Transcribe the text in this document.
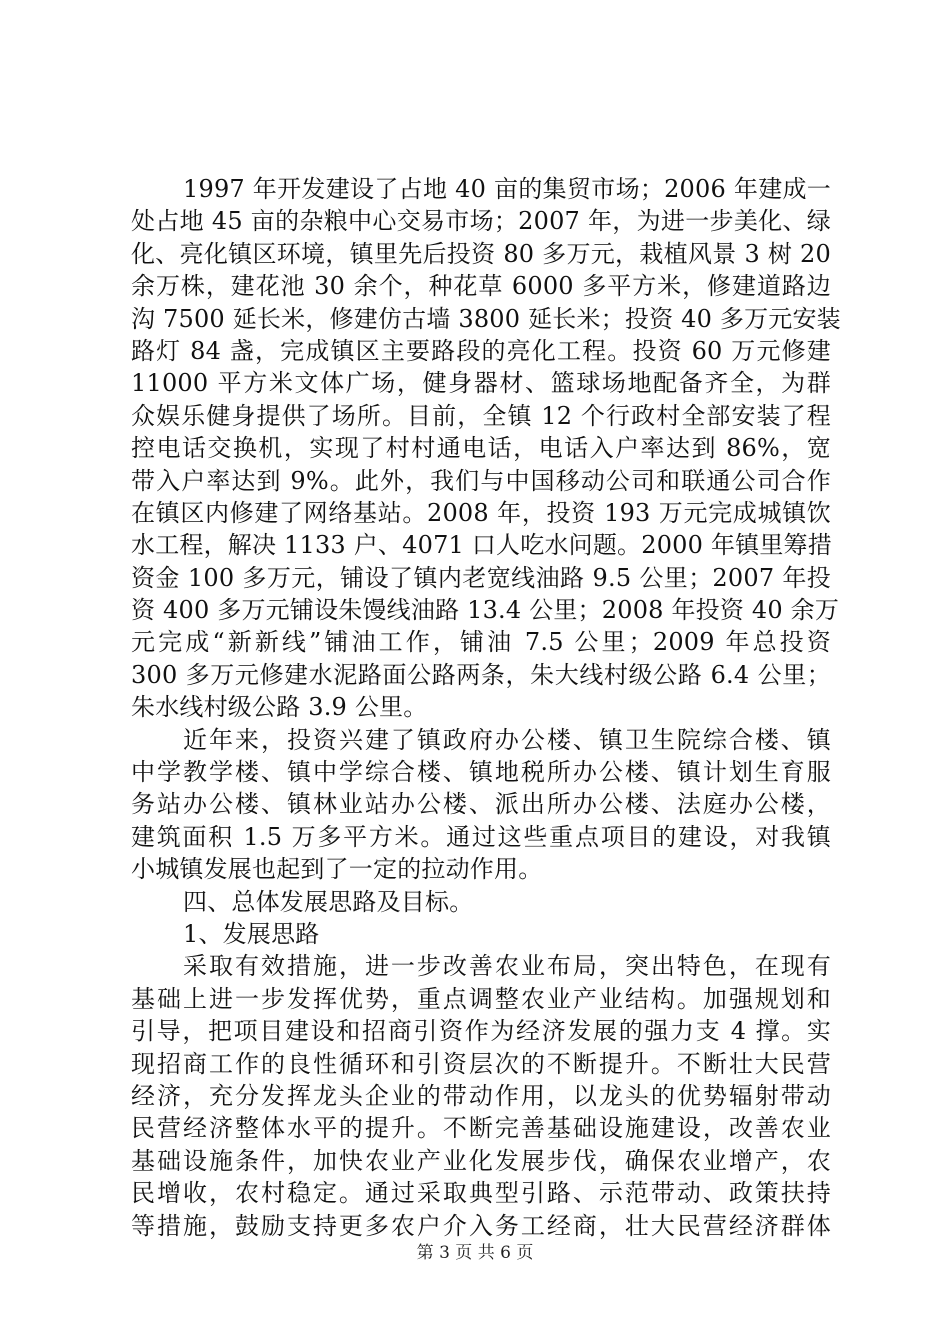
1997 年开发建设了占地 40 亩的集贸市场；2006 年建成一
处占地 45 亩的杂粮中心交易市场；2007 年，为进一步美化、绿
化、亮化镇区环境，镇里先后投资 80 多万元，栽植风景 3 树 20
余万株，建花池 30 余个，种花草 6000 多平方米，修建道路边
沟 7500 延长米，修建仿古墙 3800 延长米；投资 40 多万元安装
路灯 84 盏，完成镇区主要路段的亮化工程。投资 60 万元修建
11000 平方米文体广场，健身器材、篮球场地配备齐全，为群
众娱乐健身提供了场所。目前，全镇 12 个行政村全部安装了程
控电话交换机，实现了村村通电话，电话入户率达到 86%，宽
带入户率达到 9%。此外，我们与中国移动公司和联通公司合作
在镇区内修建了网络基站。2008 年，投资 193 万元完成城镇饮
水工程，解决 1133 户、4071 口人吃水问题。2000 年镇里筹措
资金 100 多万元，铺设了镇内老宽线油路 9.5 公里；2007 年投
资 400 多万元铺设朱馒线油路 13.4 公里；2008 年投资 40 余万
元完成“新新线”铺油工作，铺油 7.5 公里；2009 年总投资
300 多万元修建水泥路面公路两条，朱大线村级公路 6.4 公里；
朱水线村级公路 3.9 公里。
近年来，投资兴建了镇政府办公楼、镇卫生院综合楼、镇
中学教学楼、镇中学综合楼、镇地税所办公楼、镇计划生育服
务站办公楼、镇林业站办公楼、派出所办公楼、法庭办公楼，
建筑面积 1.5 万多平方米。通过这些重点项目的建设，对我镇
小城镇发展也起到了一定的拉动作用。
四、总体发展思路及目标。
1、发展思路
采取有效措施，进一步改善农业布局，突出特色，在现有
基础上进一步发挥优势，重点调整农业产业结构。加强规划和
引导，把项目建设和招商引资作为经济发展的强力支 4 撑。实
现招商工作的良性循环和引资层次的不断提升。不断壮大民营
经济，充分发挥龙头企业的带动作用，以龙头的优势辐射带动
民营经济整体水平的提升。不断完善基础设施建设，改善农业
基础设施条件，加快农业产业化发展步伐，确保农业增产，农
民增收，农村稳定。通过采取典型引路、示范带动、政策扶持
等措施，鼓励支持更多农户介入务工经商，壮大民营经济群体
第 3 页 共 6 页
